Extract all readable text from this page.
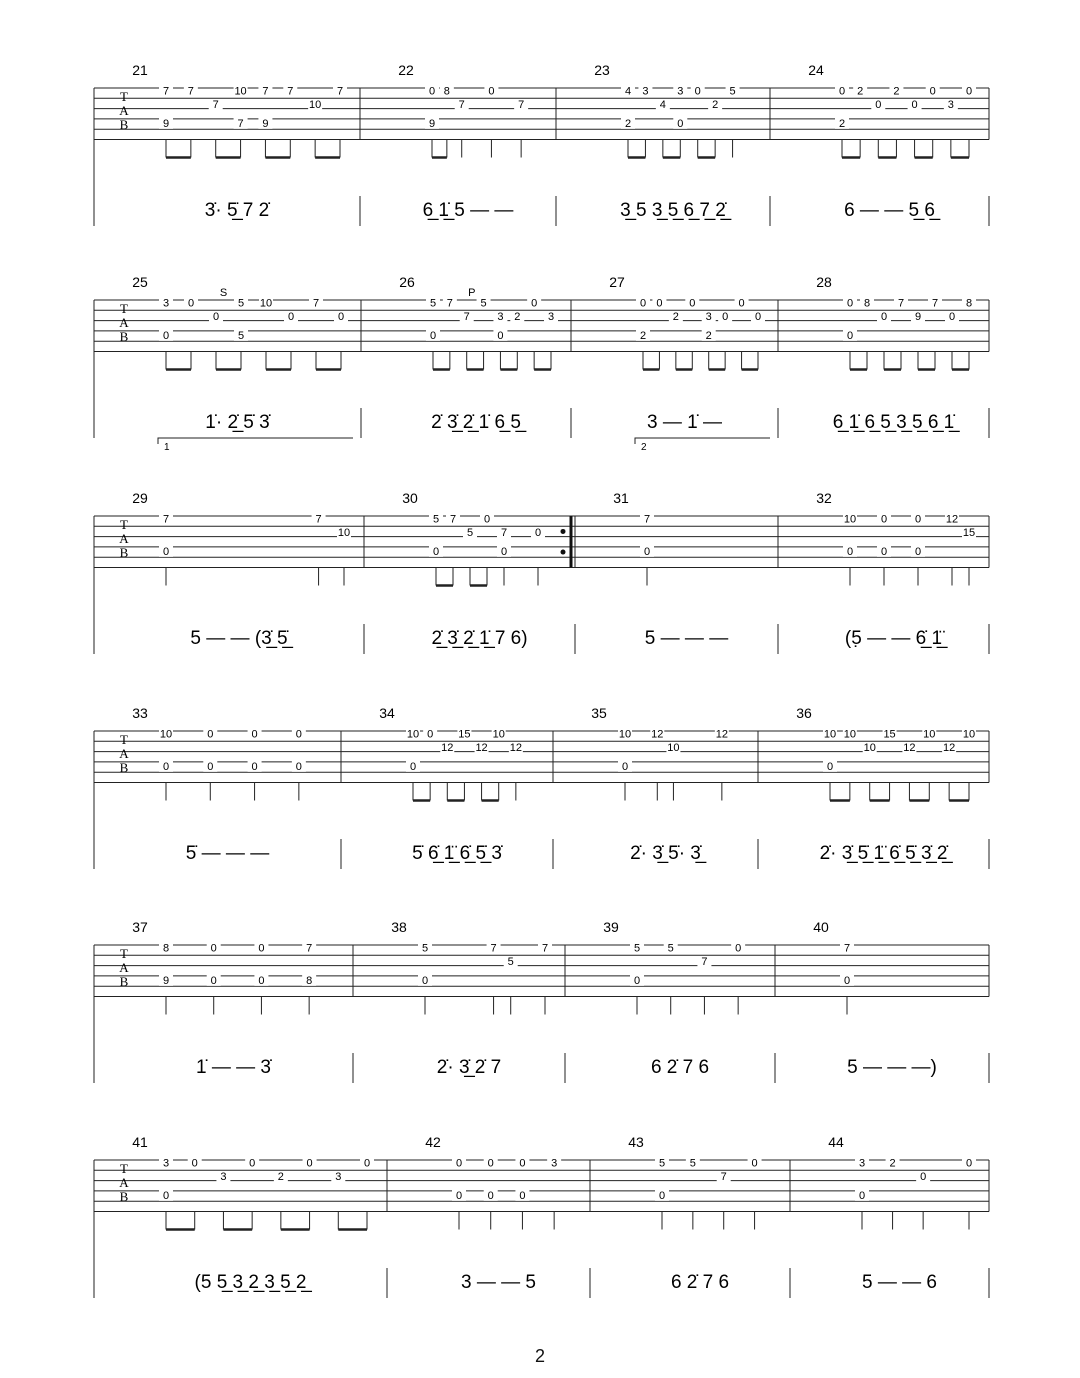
T
A
B
21
7
9
7
7
10
7
7
9
7
10
7
3̇· 5̲̇ 7 2̇
22
0
9
8
7
0
7
6̲ 1̲̇ 5 — —
23
4
2
3
4
3
0
0
2
5
3̲ 5 3̲ 5̲ 6̲ 7̲ 2̲̇
24
0
2
2
0
2
0
0
3
0
6 — — 5̲ 6̲
T
A
B
25
3
0
0
0
5
5
10
0
7
0
S
1̇· 2̲̇ 5̇ 3̇
1
26
5
0
7
7
5
3
0
2
0
3
P
2̇ 3̲̇ 2̲̇ 1̇ 6̲ 5̲
27
0
2
0
2
0
3
2
0
0
0
3 — 1̇ —
2
28
0
0
8
0
7
9
7
0
8
6̲ 1̲̇ 6̲ 5̲ 3̲ 5̲ 6̲ 1̲̇
T
A
B
29
7
0
7
10
5 — — (3̲̇ 5̲̇
30
5
0
7
5
0
7
0
0
2̲̇ 3̲̇ 2̲̇ 1̲̇ 7 6)
31
7
0
5 — — —
32
10
0
0
0
0
0
12
15
(5̣ — — 6̲̇ 1̲̈
T
A
B
33
10
0
0
0
0
0
0
0
5̇ — — —
34
10
0
0
12
15
12
10
12
5̇ 6̲̇ 1̲̈ 6̲̇ 5̲̇ 3̇
35
10
0
12
10
12
2̇· 3̲̇ 5̇· 3̲̇
36
10
0
10
10
15
12
10
12
10
2̇· 3̲̇ 5̲̇ 1̲̈ 6̲̇ 5̲̇ 3̲̇ 2̲̇
T
A
B
37
8
9
0
0
0
0
7
8
1̇ — — 3̇
38
5
0
7
5
7
2̇· 3̲̇ 2̇ 7
39
5
0
5
7
0
6 2̇ 7 6
40
7
0
5 — — —)
T
A
B
41
3
0
0
3
0
2
0
3
0
(5 5̲ 3̲ 2̲ 3̲ 5̲ 2̲
42
0
0
0
0
0
0
3
3 — — 5
43
5
0
5
7
0
6 2̇ 7 6
44
3
0
2
0
0
5 — — 6
2
